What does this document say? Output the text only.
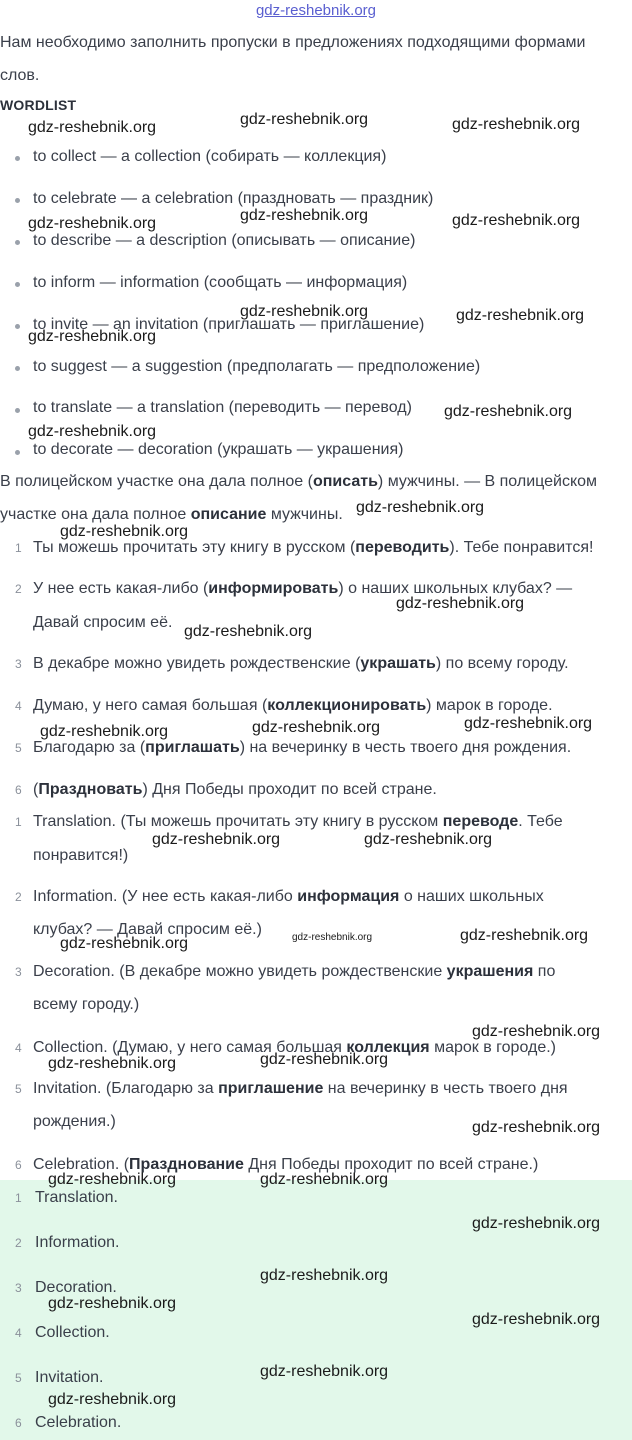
gdz-reshebnik.org
Нам необходимо заполнить пропуски в предложениях подходящими формами
слов.
WORDLIST
to collect — a collection (собирать — коллекция)
to celebrate — a celebration (праздновать — праздник)
to describe — a description (описывать — описание)
to inform — information (сообщать — информация)
to invite — an invitation (приглашать — приглашение)
to suggest — a suggestion (предполагать — предположение)
to translate — a translation (переводить — перевод)
to decorate — decoration (украшать — украшения)
В полицейском участке она дала полное (описать) мужчины. — В полицейском
участке она дала полное описание мужчины.
1 Ты можешь прочитать эту книгу в русском (переводить). Тебе понравится!
2 У нее есть какая-либо (информировать) о наших школьных клубах? —
Давай спросим её.
3 В декабре можно увидеть рождественские (украшать) по всему городу.
4 Думаю, у него самая большая (коллекционировать) марок в городе.
5 Благодарю за (приглашать) на вечеринку в честь твоего дня рождения.
6 (Праздновать) Дня Победы проходит по всей стране.
1 Translation. (Ты можешь прочитать эту книгу в русском переводе. Тебе
понравится!)
2 Information. (У нее есть какая-либо информация о наших школьных
клубах? — Давай спросим её.)
3 Decoration. (В декабре можно увидеть рождественские украшения по
всему городу.)
4 Collection. (Думаю, у него самая большая коллекция марок в городе.)
5 Invitation. (Благодарю за приглашение на вечеринку в честь твоего дня
рождения.)
6 Celebration. (Празднование Дня Победы проходит по всей стране.)
1 Translation.
2 Information.
3 Decoration.
4 Collection.
5 Invitation.
6 Celebration.
gdz-reshebnik.org	gdz-reshebnik.org	gdz-reshebnik.org
gdz-reshebnik.org	gdz-reshebnik.org	gdz-reshebnik.org
gdz-reshebnik.org	gdz-reshebnik.org
gdz-reshebnik.org
gdz-reshebnik.org
gdz-reshebnik.org
gdz-reshebnik.org
gdz-reshebnik.org
gdz-reshebnik.org
gdz-reshebnik.org
gdz-reshebnik.org	gdz-reshebnik.org	gdz-reshebnik.org
gdz-reshebnik.org	gdz-reshebnik.org
gdz-reshebnik.org	gdz-reshebnik.org	gdz-reshebnik.org
gdz-reshebnik.org
gdz-reshebnik.org	gdz-reshebnik.org
gdz-reshebnik.org
gdz-reshebnik.org	gdz-reshebnik.org
gdz-reshebnik.org
gdz-reshebnik.org
gdz-reshebnik.org
gdz-reshebnik.org
gdz-reshebnik.org
gdz-reshebnik.org
